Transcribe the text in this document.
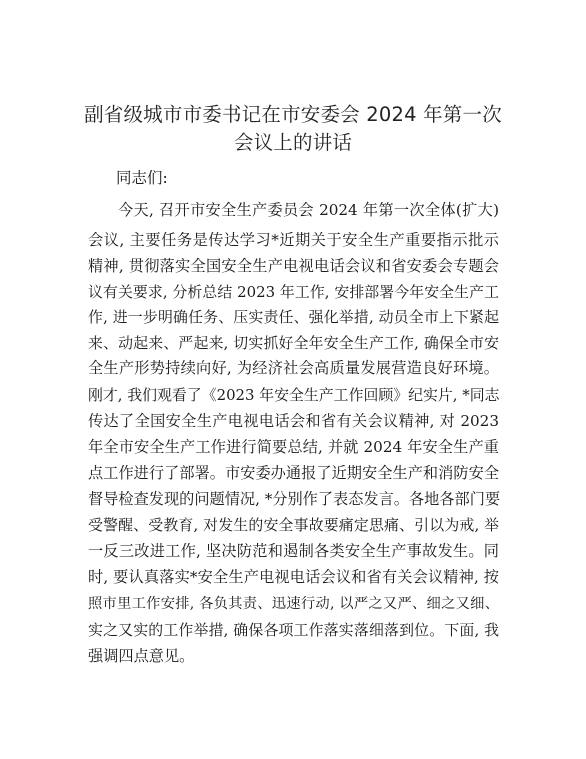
副省级城市市委书记在市安委会 2024 年第一次
会议上的讲话
同志们:
今天, 召开市安全生产委员会 2024 年第一次全体(扩大)
会议, 主要任务是传达学习*近期关于安全生产重要指示批示
精神, 贯彻落实全国安全生产电视电话会议和省安委会专题会
议有关要求, 分析总结 2023 年工作, 安排部署今年安全生产工
作, 进一步明确任务、压实责任、强化举措, 动员全市上下紧起
来、动起来、严起来, 切实抓好全年安全生产工作, 确保全市安
全生产形势持续向好, 为经济社会高质量发展营造良好环境。
刚才, 我们观看了《2023 年安全生产工作回顾》纪实片, *同志
传达了全国安全生产电视电话会和省有关会议精神, 对 2023
年全市安全生产工作进行简要总结, 并就 2024 年安全生产重
点工作进行了部署。市安委办通报了近期安全生产和消防安全
督导检查发现的问题情况, *分别作了表态发言。各地各部门要
受警醒、受教育, 对发生的安全事故要痛定思痛、引以为戒, 举
一反三改进工作, 坚决防范和遏制各类安全生产事故发生。同
时, 要认真落实*安全生产电视电话会议和省有关会议精神, 按
照市里工作安排, 各负其责、迅速行动, 以严之又严、细之又细、
实之又实的工作举措, 确保各项工作落实落细落到位。下面, 我
强调四点意见。
